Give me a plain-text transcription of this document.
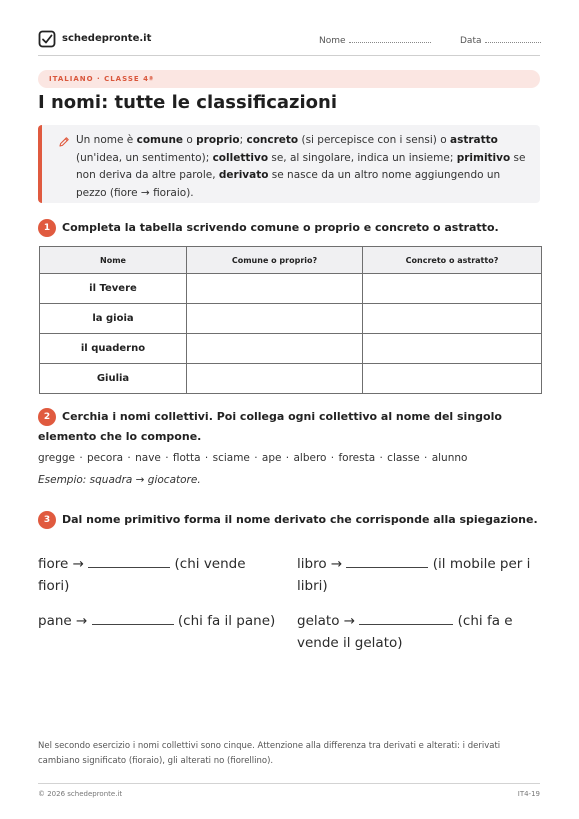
schedepronte.it	Nome	Data
ITALIANO · CLASSE 4ª
I nomi: tutte le classificazioni
Un nome è comune o proprio; concreto (si percepisce con i sensi) o astratto (un'idea, un sentimento); collettivo se, al singolare, indica un insieme; primitivo se non deriva da altre parole, derivato se nasce da un altro nome aggiungendo un pezzo (fiore → fioraio).
1 Completa la tabella scrivendo comune o proprio e concreto o astratto.
Nome	Comune o proprio?	Concreto o astratto?
il Tevere		
la gioia		
il quaderno		
Giulia		
2 Cerchia i nomi collettivi. Poi collega ogni collettivo al nome del singolo elemento che lo compone.
gregge · pecora · nave · flotta · sciame · ape · albero · foresta · classe · alunno
Esempio: squadra → giocatore.
3 Dal nome primitivo forma il nome derivato che corrisponde alla spiegazione.
fiore →	(chi vende fiori)
libro →	(il mobile per i libri)
pane →	(chi fa il pane) gelato →	(chi fa e vende il gelato)
Nel secondo esercizio i nomi collettivi sono cinque. Attenzione alla differenza tra derivati e alterati: i derivati cambiano significato (fioraio), gli alterati no (fiorellino).
© 2026 schedepronte.it	IT4-19
